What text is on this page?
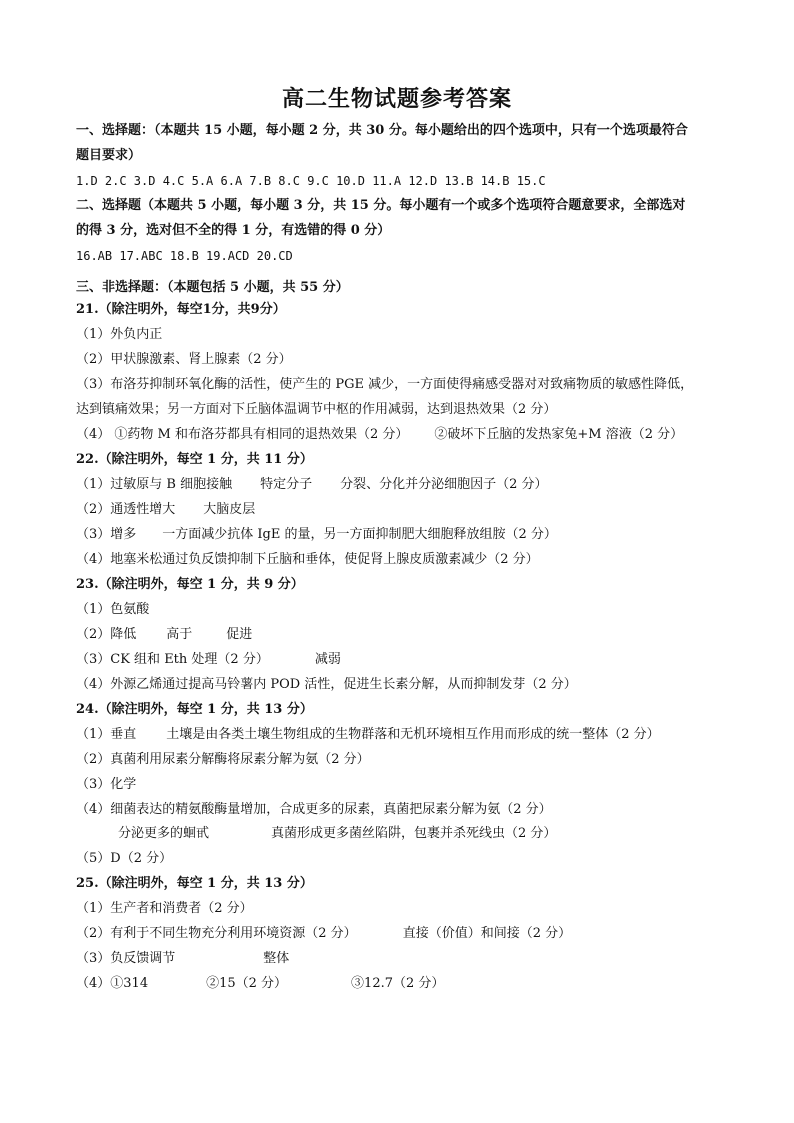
高二生物试题参考答案
一、选择题：（本题共 15 小题，每小题 2 分，共 30 分。每小题给出的四个选项中，只有一个选项最符合
题目要求）
1.D 2.C 3.D 4.C 5.A 6.A 7.B 8.C 9.C 10.D 11.A 12.D 13.B 14.B 15.C
二、选择题（本题共 5 小题，每小题 3 分，共 15 分。每小题有一个或多个选项符合题意要求，全部选对
的得 3 分，选对但不全的得 1 分，有选错的得 0 分）
16.AB 17.ABC 18.B 19.ACD 20.CD
三、非选择题：（本题包括 5 小题，共 55 分）
21.（除注明外，每空1分，共9分）
（1）外负内正
（2）甲状腺激素、肾上腺素（2 分）
（3）布洛芬抑制环氧化酶的活性，使产生的 PGE 减少，一方面使得痛感受器对对致痛物质的敏感性降低，
达到镇痛效果；另一方面对下丘脑体温调节中枢的作用减弱，达到退热效果（2 分）
（4） ①药物 M 和布洛芬都具有相同的退热效果（2 分） ②破坏下丘脑的发热家兔+M 溶液（2 分）
22.（除注明外，每空 1 分，共 11 分）
（1）过敏原与 B 细胞接触 特定分子 分裂、分化并分泌细胞因子（2 分）
（2）通透性增大 大脑皮层
（3）增多 一方面减少抗体 IgE 的量，另一方面抑制肥大细胞释放组胺（2 分）
（4）地塞米松通过负反馈抑制下丘脑和垂体，使促肾上腺皮质激素减少（2 分）
23.（除注明外，每空 1 分，共 9 分）
（1）色氨酸
（2）降低 高于	促进
（3）CK 组和 Eth 处理（2 分）	减弱
（4）外源乙烯通过提高马铃薯内 POD 活性，促进生长素分解，从而抑制发芽（2 分）
24.（除注明外，每空 1 分，共 13 分）
（1）垂直 土壤是由各类土壤生物组成的生物群落和无机环境相互作用而形成的统一整体（2 分）
（2）真菌利用尿素分解酶将尿素分解为氨（2 分）
（3）化学
（4）细菌表达的精氨酸酶量增加，合成更多的尿素，真菌把尿素分解为氨（2 分）
分泌更多的蛔甙	真菌形成更多菌丝陷阱，包裹并杀死线虫（2 分）
（5）D（2 分）
25.（除注明外，每空 1 分，共 13 分）
（1）生产者和消费者（2 分）
（2）有利于不同生物充分利用环境资源（2 分）	直接（价值）和间接（2 分）
（3）负反馈调节	整体
（4）①314	②15（2 分）	③12.7（2 分）
